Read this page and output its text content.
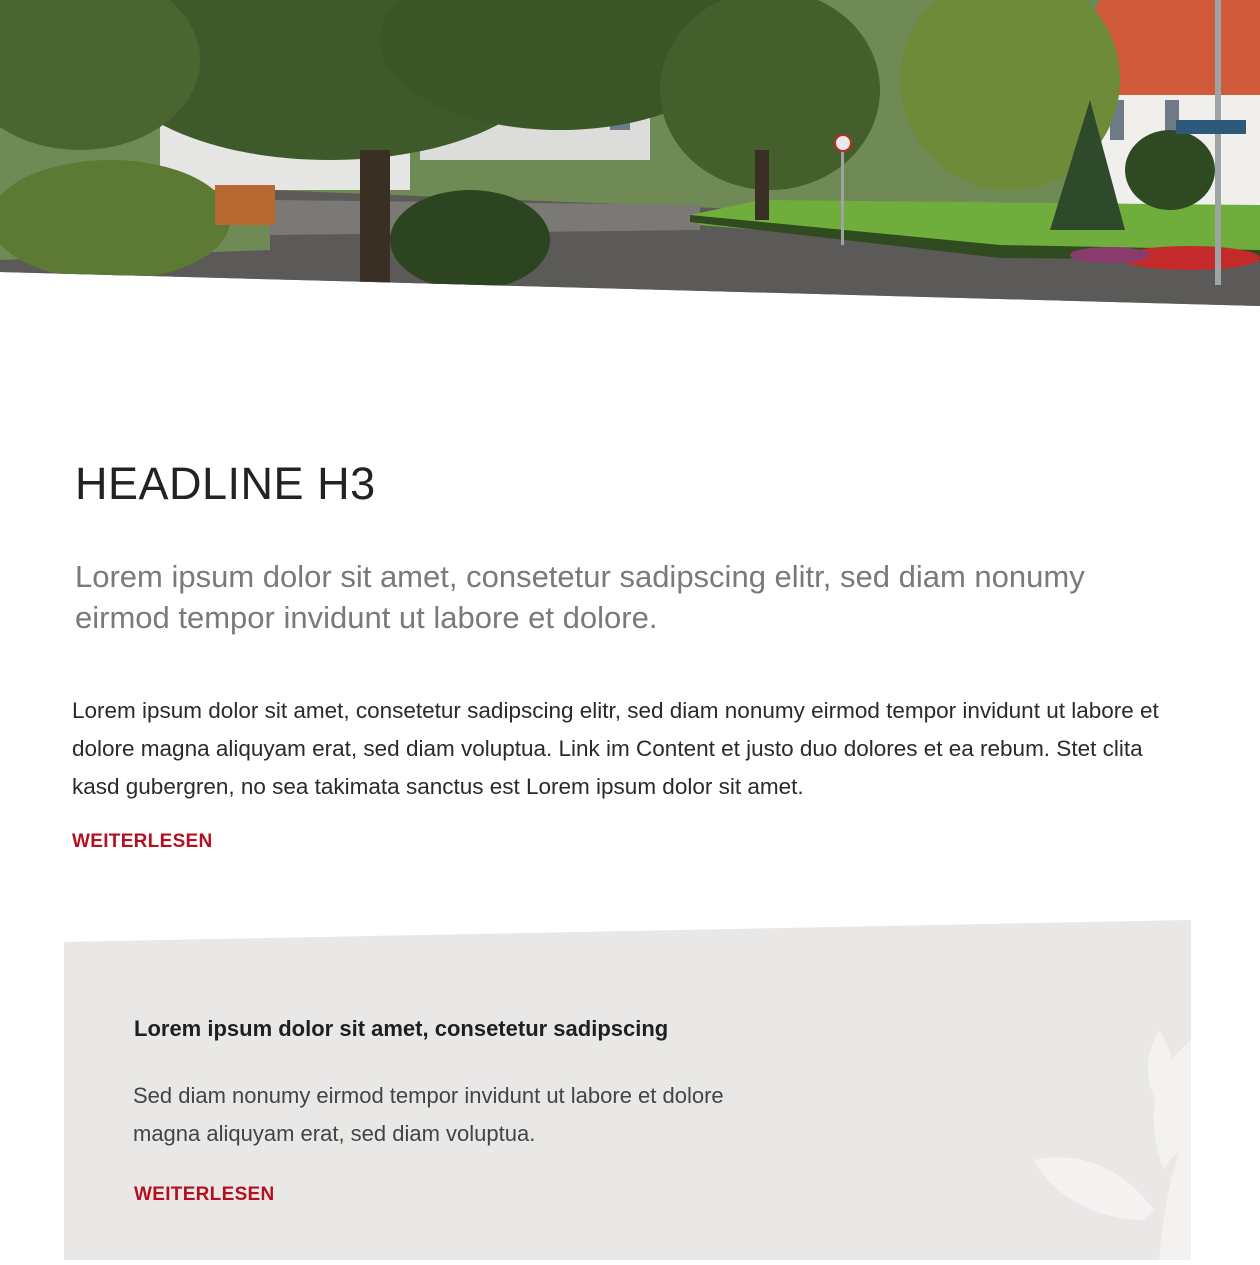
HEADLINE H3

Lorem ipsum dolor sit amet, consetetur sadipscing elitr, sed diam nonumy eirmod tempor invidunt ut labore et dolore.

Lorem ipsum dolor sit amet, consetetur sadipscing elitr, sed diam nonumy eirmod tempor invidunt ut labore et dolore magna aliquyam erat, sed diam voluptua. Link im Content et justo duo dolores et ea rebum. Stet clita kasd gubergren, no sea takimata sanctus est Lorem ipsum dolor sit amet.

WEITERLESEN

Lorem ipsum dolor sit amet, consetetur sadipscing

Sed diam nonumy eirmod tempor invidunt ut labore et dolore magna aliquyam erat, sed diam voluptua.

WEITERLESEN
